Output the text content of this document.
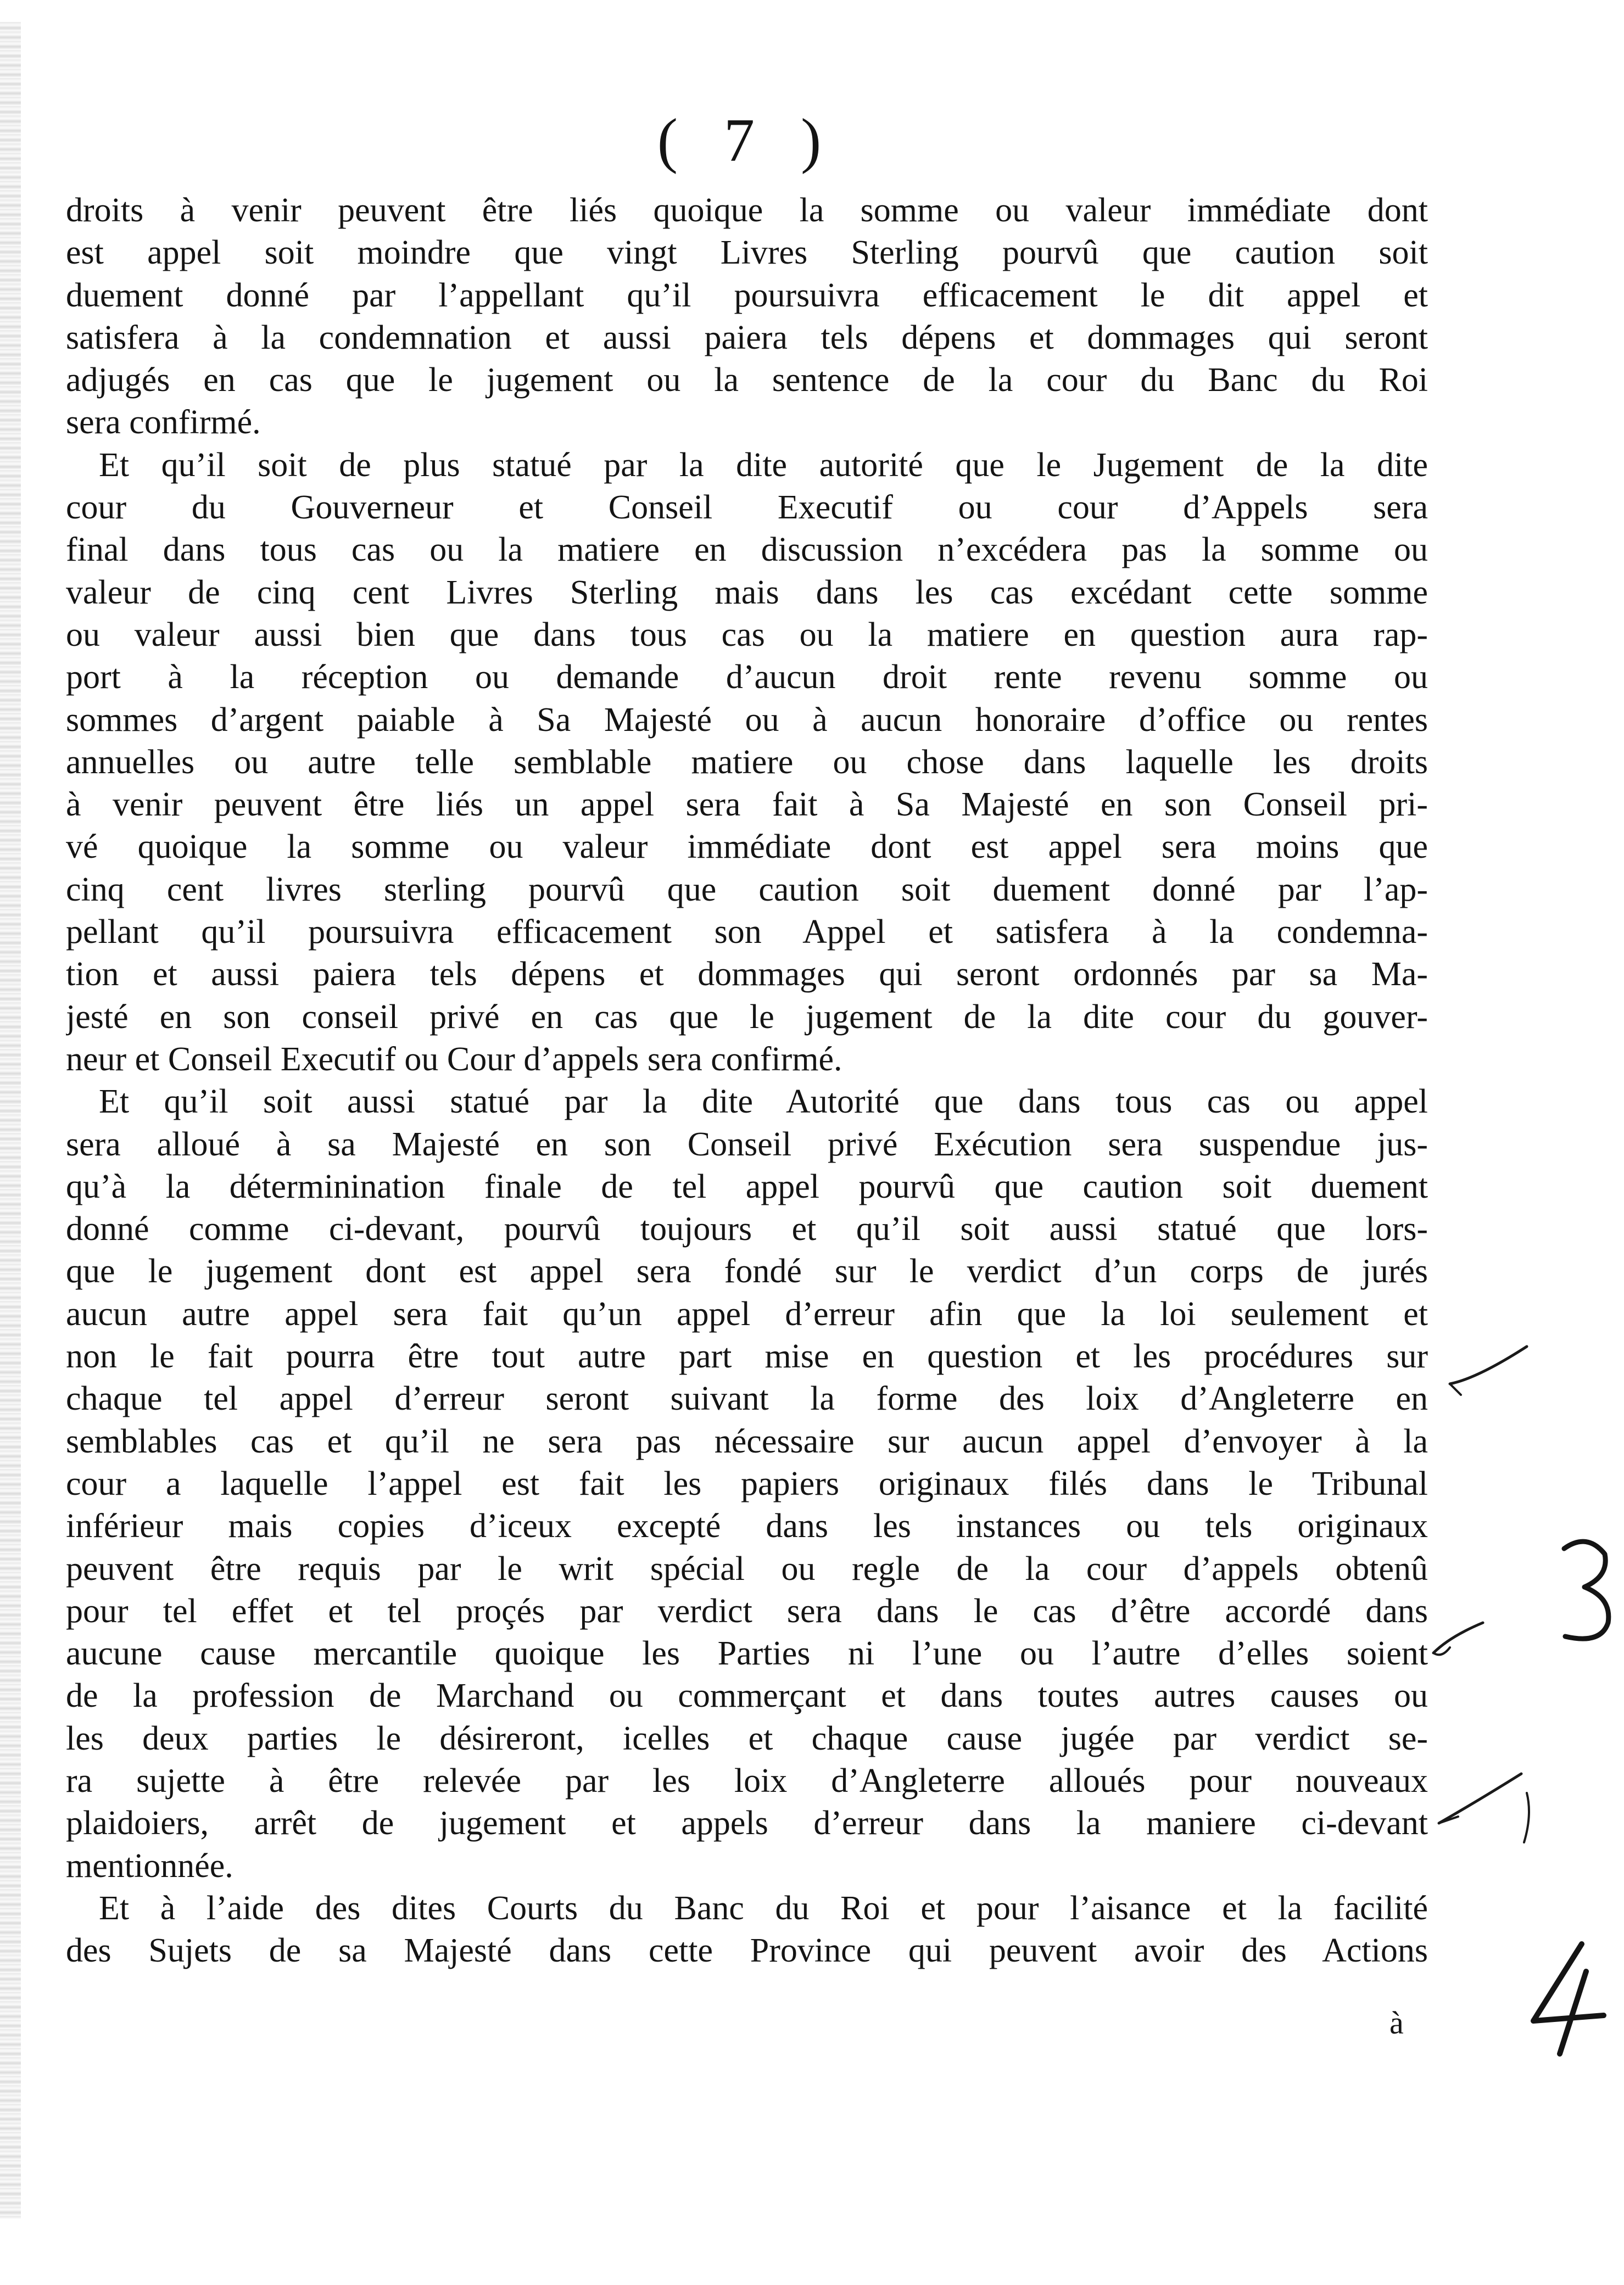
( 7 )
droits à venir peuvent être liés quoique la somme ou valeur immédiate dont
est appel soit moindre que vingt Livres Sterling pourvû que caution soit
duement donné par l’appellant qu’il poursuivra efficacement le dit appel et
satisfera à la condemnation et aussi paiera tels dépens et dommages qui seront
adjugés en cas que le jugement ou la sentence de la cour du Banc du Roi
sera confirmé.
Et qu’il soit de plus statué par la dite autorité que le Jugement de la dite
cour du Gouverneur et Conseil Executif ou cour d’Appels sera
final dans tous cas ou la matiere en discussion n’excédera pas la somme ou
valeur de cinq cent Livres Sterling mais dans les cas excédant cette somme
ou valeur aussi bien que dans tous cas ou la matiere en question aura rap-
port à la réception ou demande d’aucun droit rente revenu somme ou
sommes d’argent paiable à Sa Majesté ou à aucun honoraire d’office ou rentes
annuelles ou autre telle semblable matiere ou chose dans laquelle les droits
à venir peuvent être liés un appel sera fait à Sa Majesté en son Conseil pri-
vé quoique la somme ou valeur immédiate dont est appel sera moins que
cinq cent livres sterling pourvû que caution soit duement donné par l’ap-
pellant qu’il poursuivra efficacement son Appel et satisfera à la condemna-
tion et aussi paiera tels dépens et dommages qui seront ordonnés par sa Ma-
jesté en son conseil privé en cas que le jugement de la dite cour du gouver-
neur et Conseil Executif ou Cour d’appels sera confirmé.
Et qu’il soit aussi statué par la dite Autorité que dans tous cas ou appel
sera alloué à sa Majesté en son Conseil privé Exécution sera suspendue jus-
qu’à la déterminination finale de tel appel pourvû que caution soit duement
donné comme ci-devant, pourvû toujours et qu’il soit aussi statué que lors-
que le jugement dont est appel sera fondé sur le verdict d’un corps de jurés
aucun autre appel sera fait qu’un appel d’erreur afin que la loi seulement et
non le fait pourra être tout autre part mise en question et les procédures sur
chaque tel appel d’erreur seront suivant la forme des loix d’Angleterre en
semblables cas et qu’il ne sera pas nécessaire sur aucun appel d’envoyer à la
cour a laquelle l’appel est fait les papiers originaux filés dans le Tribunal
inférieur mais copies d’iceux excepté dans les instances ou tels originaux
peuvent être requis par le writ spécial ou regle de la cour d’appels obtenû
pour tel effet et tel proçés par verdict sera dans le cas d’être accordé dans
aucune cause mercantile quoique les Parties ni l’une ou l’autre d’elles soient
de la profession de Marchand ou commerçant et dans toutes autres causes ou
les deux parties le désireront, icelles et chaque cause jugée par verdict se-
ra sujette à être relevée par les loix d’Angleterre alloués pour nouveaux
plaidoiers, arrêt de jugement et appels d’erreur dans la maniere ci-devant
mentionnée.
Et à l’aide des dites Courts du Banc du Roi et pour l’aisance et la facilité
des Sujets de sa Majesté dans cette Province qui peuvent avoir des Actions
à
